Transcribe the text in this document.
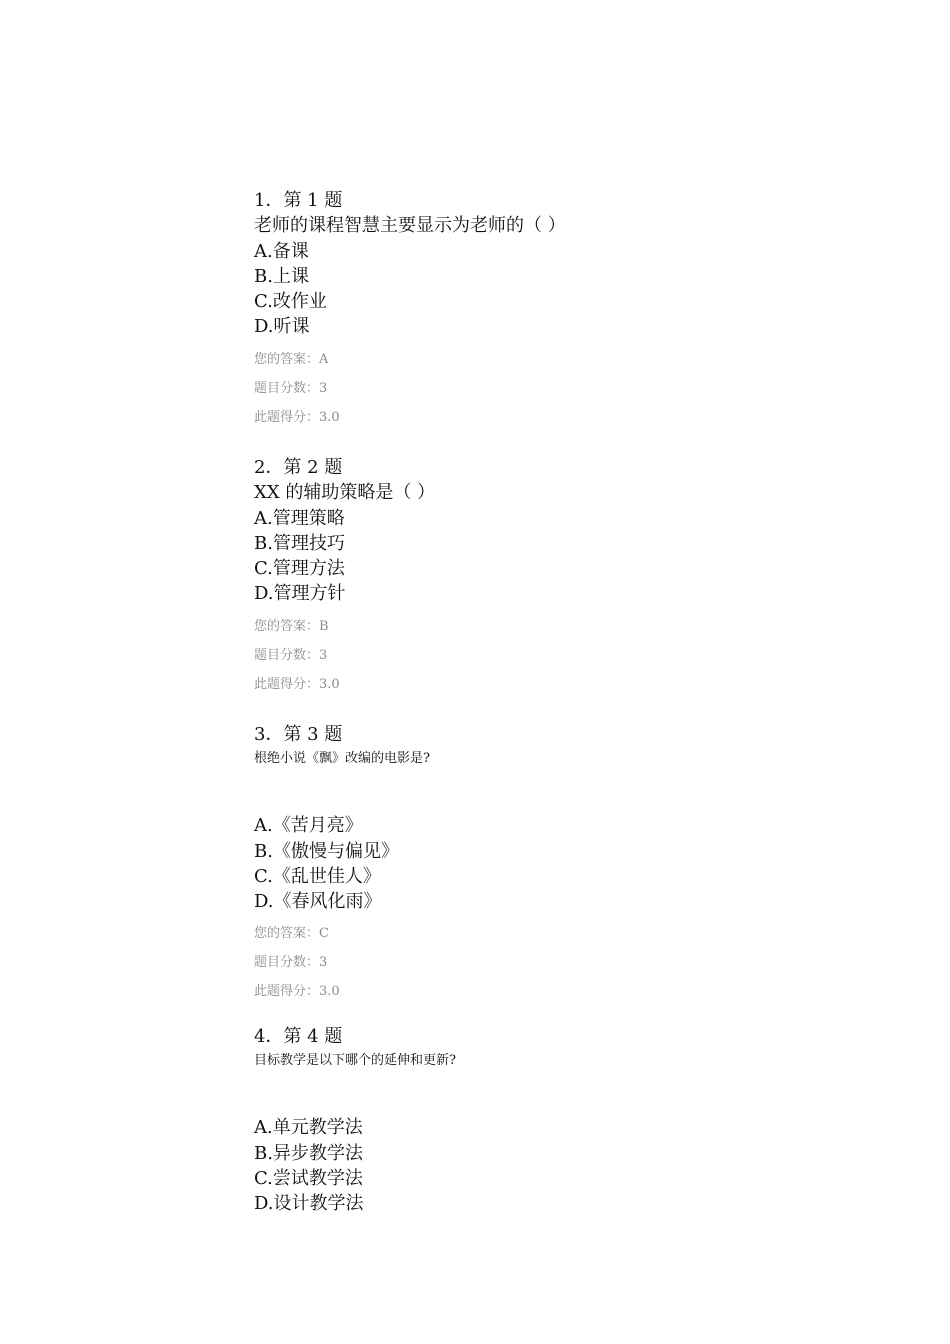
1．第 1 题
老师的课程智慧主要显示为老师的（ ）
A.备课
B.上课
C.改作业
D.听课
您的答案：A
题目分数：3
此题得分：3.0
2．第 2 题
XX 的辅助策略是（ ）
A.管理策略
B.管理技巧
C.管理方法
D.管理方针
您的答案：B
题目分数：3
此题得分：3.0
3．第 3 题
根绝小说《飘》改编的电影是?
A.《苦月亮》
B.《傲慢与偏见》
C.《乱世佳人》
D.《春风化雨》
您的答案：C
题目分数：3
此题得分：3.0
4．第 4 题
目标教学是以下哪个的延伸和更新?
A.单元教学法
B.异步教学法
C.尝试教学法
D.设计教学法
